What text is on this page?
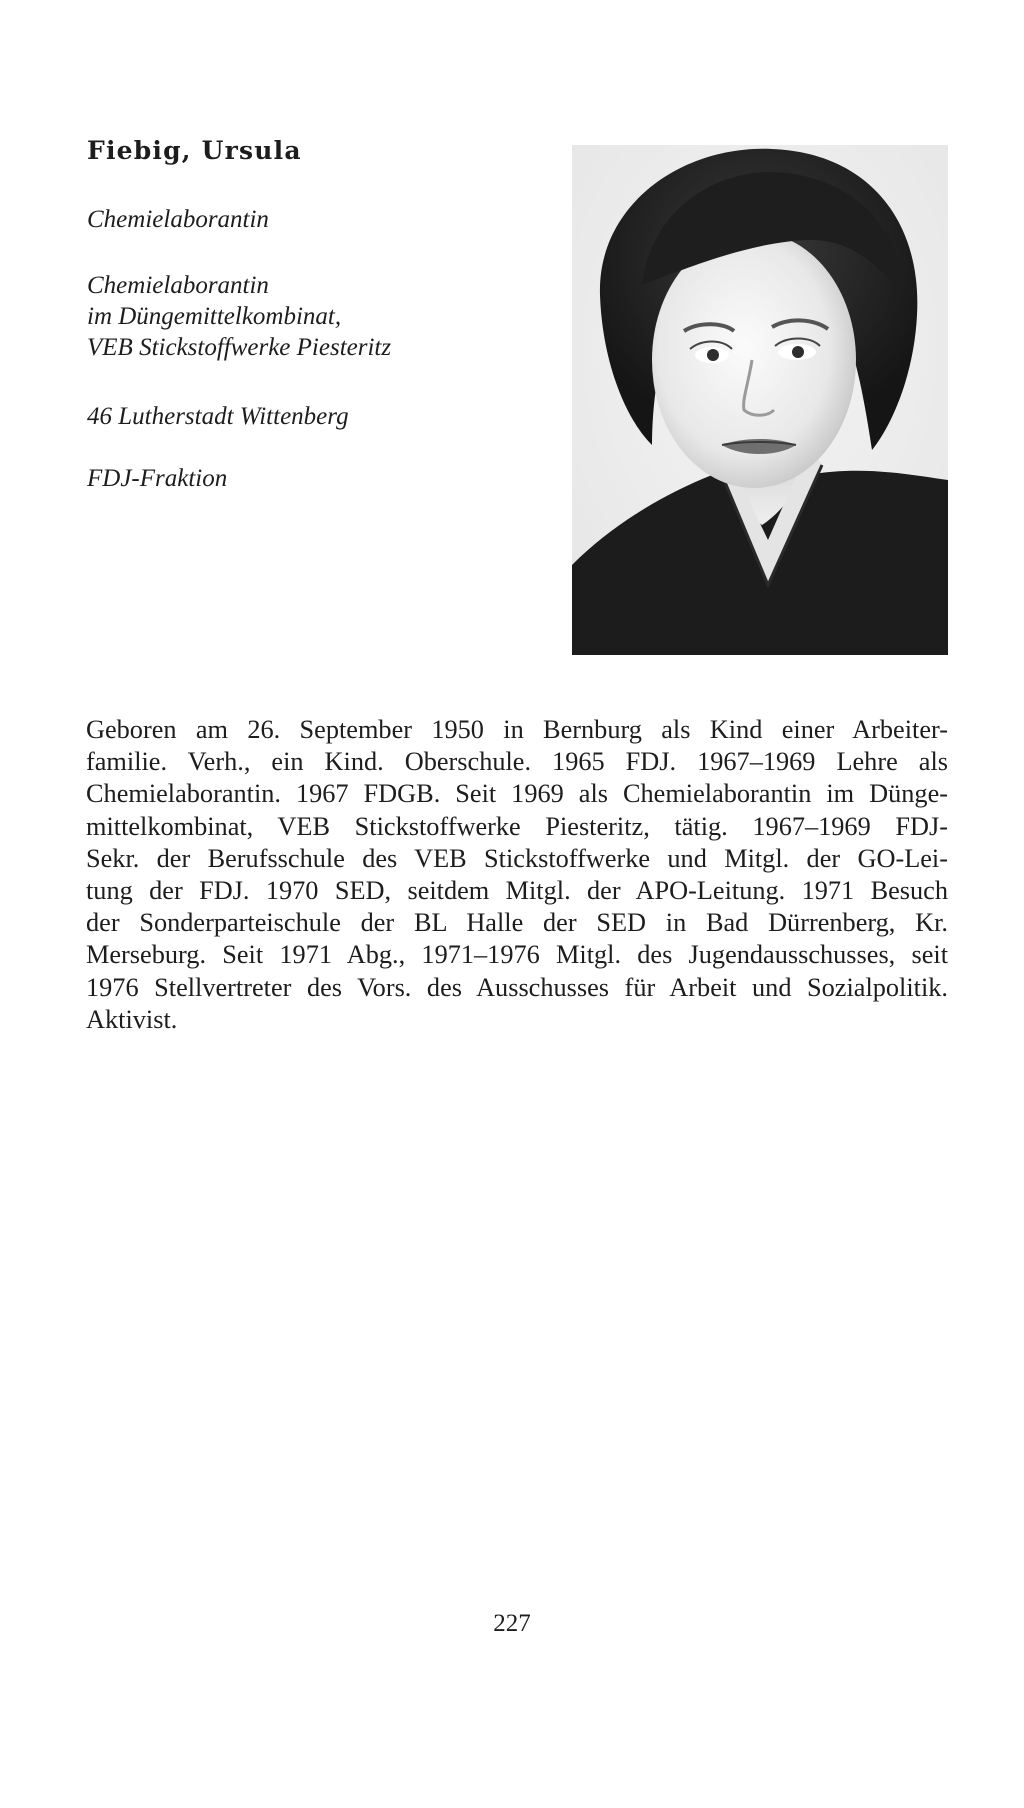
Fiebig, Ursula

Chemielaborantin

Chemielaborantin
im Düngemittelkombinat,
VEB Stickstoffwerke Piesteritz

46 Lutherstadt Wittenberg

FDJ-Fraktion

Geboren am 26. September 1950 in Bernburg als Kind einer Arbeiter-
familie. Verh., ein Kind. Oberschule. 1965 FDJ. 1967–1969 Lehre als
Chemielaborantin. 1967 FDGB. Seit 1969 als Chemielaborantin im Dünge-
mittelkombinat, VEB Stickstoffwerke Piesteritz, tätig. 1967–1969 FDJ-
Sekr. der Berufsschule des VEB Stickstoffwerke und Mitgl. der GO-Lei-
tung der FDJ. 1970 SED, seitdem Mitgl. der APO-Leitung. 1971 Besuch
der Sonderparteischule der BL Halle der SED in Bad Dürrenberg, Kr.
Merseburg. Seit 1971 Abg., 1971–1976 Mitgl. des Jugendausschusses, seit
1976 Stellvertreter des Vors. des Ausschusses für Arbeit und Sozialpolitik.
Aktivist.

227
